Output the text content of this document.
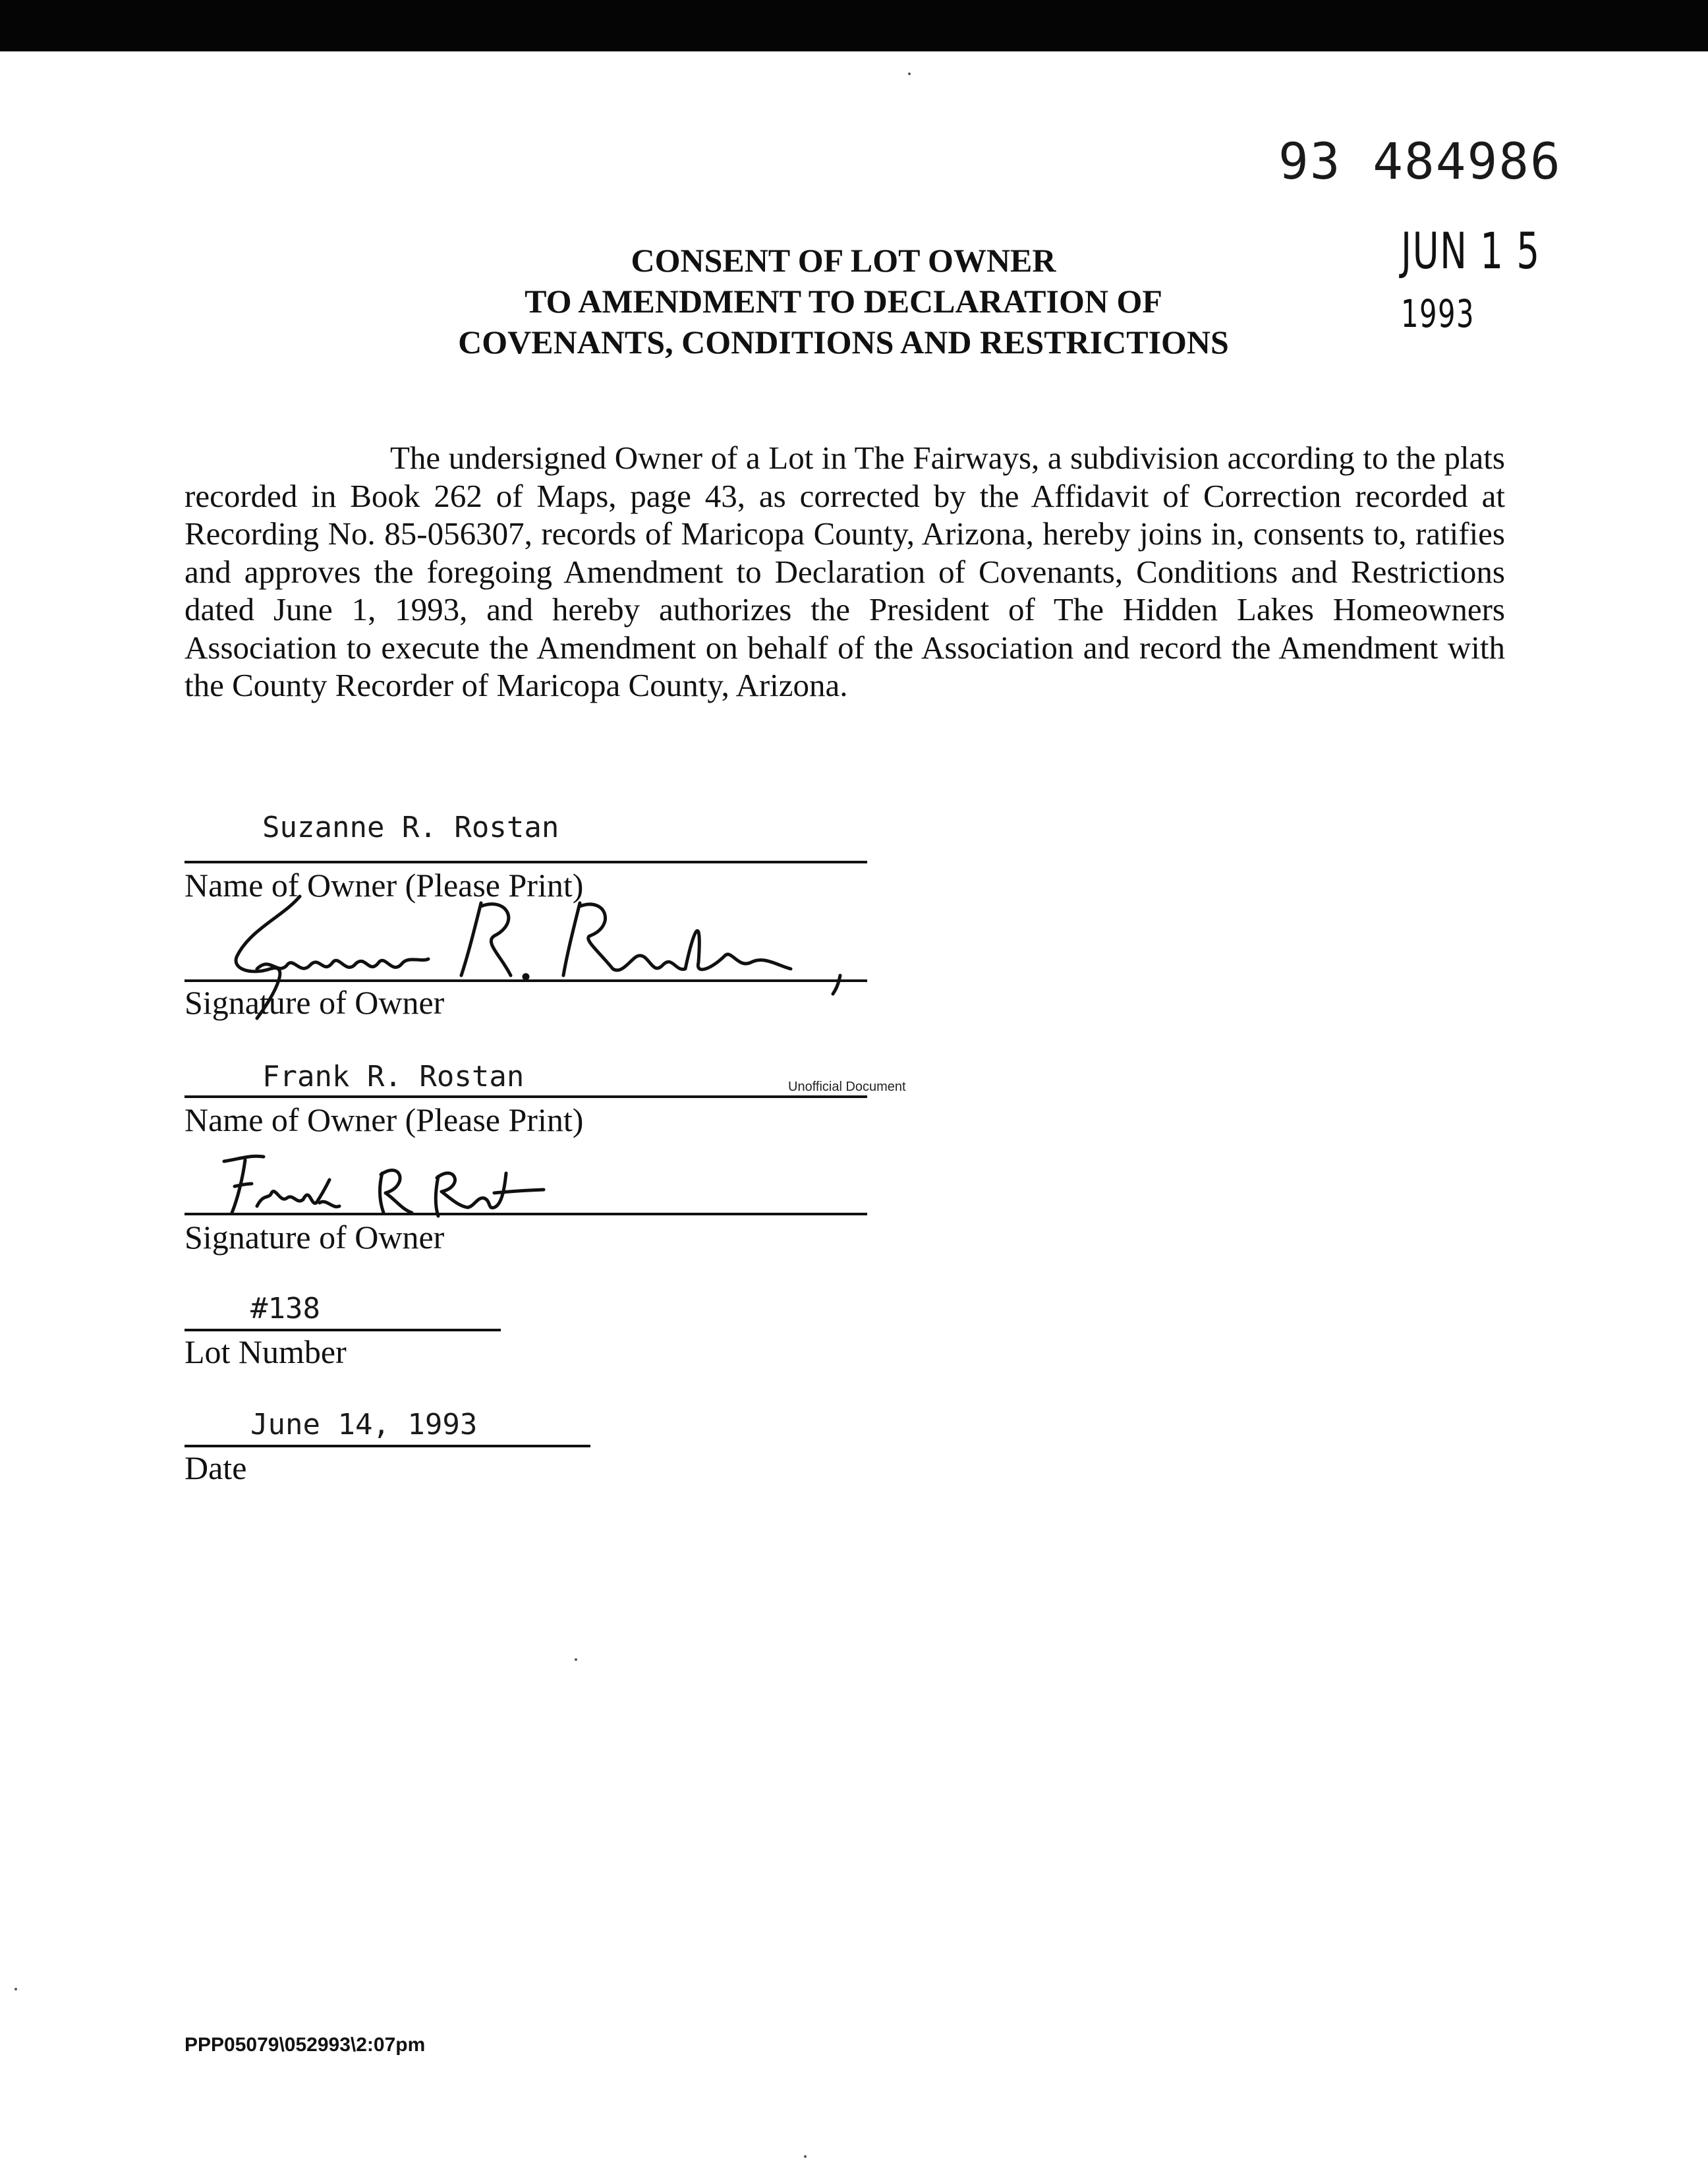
93 484986
JUN 1 5 1993
CONSENT OF LOT OWNER
TO AMENDMENT TO DECLARATION OF
COVENANTS, CONDITIONS AND RESTRICTIONS
The undersigned Owner of a Lot in The Fairways, a subdivision according to the plats recorded in Book 262 of Maps, page 43, as corrected by the Affidavit of Correction recorded at Recording No. 85-056307, records of Maricopa County, Arizona, hereby joins in, consents to, ratifies and approves the foregoing Amendment to Declaration of Covenants, Conditions and Restrictions dated June 1, 1993, and hereby authorizes the President of The Hidden Lakes Homeowners Association to execute the Amendment on behalf of the Association and record the Amendment with the County Recorder of Maricopa County, Arizona.
Suzanne R. Rostan
Name of Owner (Please Print)
Signature of Owner
Frank R. Rostan
Name of Owner (Please Print)
Unofficial Document
Signature of Owner
#138
Lot Number
June 14, 1993
Date
PPP05079\052993\2:07pm
